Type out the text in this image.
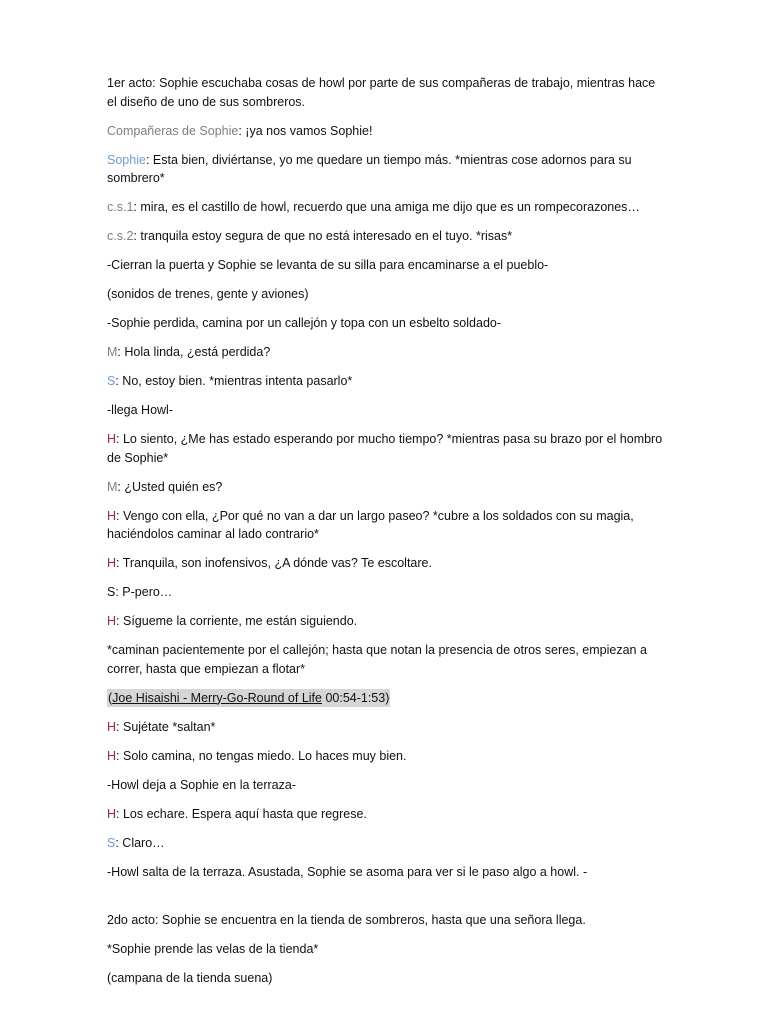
1er acto: Sophie escuchaba cosas de howl por parte de sus compañeras de trabajo, mientras hace el diseño de uno de sus sombreros.

Compañeras de Sophie: ¡ya nos vamos Sophie!

Sophie: Esta bien, diviértanse, yo me quedare un tiempo más. *mientras cose adornos para su sombrero*

c.s.1: mira, es el castillo de howl, recuerdo que una amiga me dijo que es un rompecorazones…

c.s.2: tranquila estoy segura de que no está interesado en el tuyo. *risas*

-Cierran la puerta y Sophie se levanta de su silla para encaminarse a el pueblo-

(sonidos de trenes, gente y aviones)

-Sophie perdida, camina por un callejón y topa con un esbelto soldado-

M: Hola linda, ¿está perdida?

S: No, estoy bien. *mientras intenta pasarlo*

-llega Howl-

H: Lo siento, ¿Me has estado esperando por mucho tiempo? *mientras pasa su brazo por el hombro de Sophie*

M: ¿Usted quién es?

H: Vengo con ella, ¿Por qué no van a dar un largo paseo? *cubre a los soldados con su magia, haciéndolos caminar al lado contrario*

H: Tranquila, son inofensivos, ¿A dónde vas? Te escoltare.

S: P-pero…

H: Sígueme la corriente, me están siguiendo.

*caminan pacientemente por el callejón; hasta que notan la presencia de otros seres, empiezan a correr, hasta que empiezan a flotar*

(Joe Hisaishi - Merry-Go-Round of Life 00:54-1:53)

H: Sujétate *saltan*

H: Solo camina, no tengas miedo. Lo haces muy bien.

-Howl deja a Sophie en la terraza-

H: Los echare. Espera aquí hasta que regrese.

S: Claro…

-Howl salta de la terraza. Asustada, Sophie se asoma para ver si le paso algo a howl. -

2do acto: Sophie se encuentra en la tienda de sombreros, hasta que una señora llega.

*Sophie prende las velas de la tienda*

(campana de la tienda suena)
